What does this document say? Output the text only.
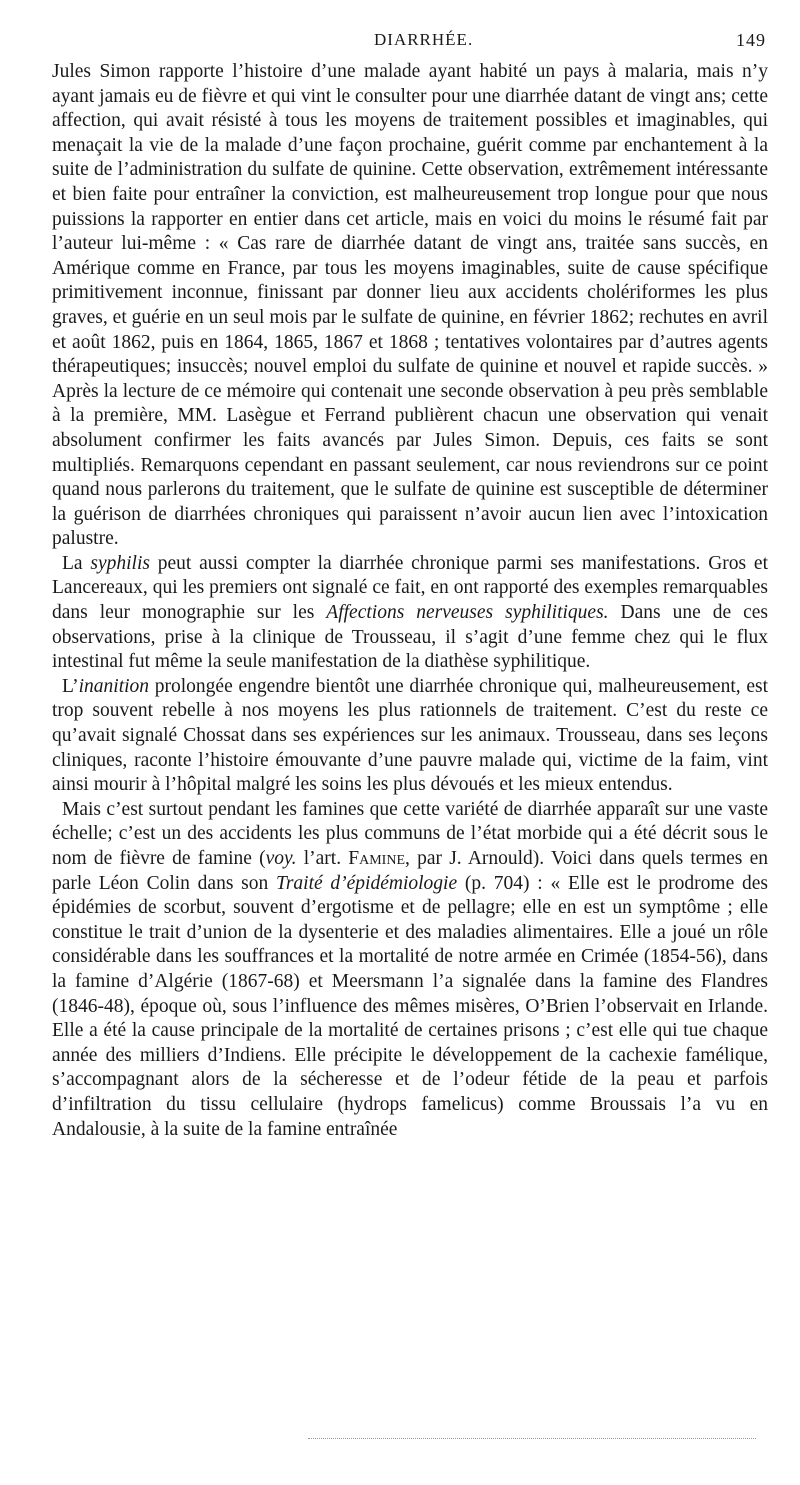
DIARRHÉE.	149

Jules Simon rapporte l’histoire d’une malade ayant habité un pays à malaria, mais n’y ayant jamais eu de fièvre et qui vint le consulter pour une diarrhée datant de vingt ans; cette affection, qui avait résisté à tous les moyens de traitement possibles et imaginables, qui menaçait la vie de la malade d’une façon prochaine, guérit comme par enchantement à la suite de l’administration du sulfate de quinine. Cette observation, extrêmement intéressante et bien faite pour entraîner la conviction, est malheureusement trop longue pour que nous puissions la rapporter en entier dans cet article, mais en voici du moins le résumé fait par l’auteur lui-même : « Cas rare de diarrhée datant de vingt ans, traitée sans succès, en Amérique comme en France, par tous les moyens imaginables, suite de cause spécifique primitivement inconnue, finissant par donner lieu aux accidents cholériformes les plus graves, et guérie en un seul mois par le sulfate de quinine, en février 1862; rechutes en avril et août 1862, puis en 1864, 1865, 1867 et 1868 ; tentatives volontaires par d’autres agents thérapeutiques; insuccès; nouvel emploi du sulfate de quinine et nouvel et rapide succès. » Après la lecture de ce mémoire qui contenait une seconde observation à peu près semblable à la première, MM. Lasègue et Ferrand publièrent chacun une observation qui venait absolument confirmer les faits avancés par Jules Simon. Depuis, ces faits se sont multipliés. Remarquons cependant en passant seulement, car nous reviendrons sur ce point quand nous parlerons du traitement, que le sulfate de quinine est susceptible de déterminer la guérison de diarrhées chroniques qui paraissent n’avoir aucun lien avec l’intoxication palustre.

La syphilis peut aussi compter la diarrhée chronique parmi ses manifestations. Gros et Lancereaux, qui les premiers ont signalé ce fait, en ont rapporté des exemples remarquables dans leur monographie sur les Affections nerveuses syphilitiques. Dans une de ces observations, prise à la clinique de Trousseau, il s’agit d’une femme chez qui le flux intestinal fut même la seule manifestation de la diathèse syphilitique.

L’inanition prolongée engendre bientôt une diarrhée chronique qui, malheureusement, est trop souvent rebelle à nos moyens les plus rationnels de traitement. C’est du reste ce qu’avait signalé Chossat dans ses expériences sur les animaux. Trousseau, dans ses leçons cliniques, raconte l’histoire émouvante d’une pauvre malade qui, victime de la faim, vint ainsi mourir à l’hôpital malgré les soins les plus dévoués et les mieux entendus.

Mais c’est surtout pendant les famines que cette variété de diarrhée apparaît sur une vaste échelle; c’est un des accidents les plus communs de l’état morbide qui a été décrit sous le nom de fièvre de famine (voy. l’art. Famine, par J. Arnould). Voici dans quels termes en parle Léon Colin dans son Traité d’épidémiologie (p. 704) : « Elle est le prodrome des épidémies de scorbut, souvent d’ergotisme et de pellagre; elle en est un symptôme ; elle constitue le trait d’union de la dysenterie et des maladies alimentaires. Elle a joué un rôle considérable dans les souffrances et la mortalité de notre armée en Crimée (1854-56), dans la famine d’Algérie (1867-68) et Meersmann l’a signalée dans la famine des Flandres (1846-48), époque où, sous l’influence des mêmes misères, O’Brien l’observait en Irlande. Elle a été la cause principale de la mortalité de certaines prisons ; c’est elle qui tue chaque année des milliers d’Indiens. Elle précipite le développement de la cachexie famélique, s’accompagnant alors de la sécheresse et de l’odeur fétide de la peau et parfois d’infiltration du tissu cellulaire (hydrops famelicus) comme Broussais l’a vu en Andalousie, à la suite de la famine entraînée
